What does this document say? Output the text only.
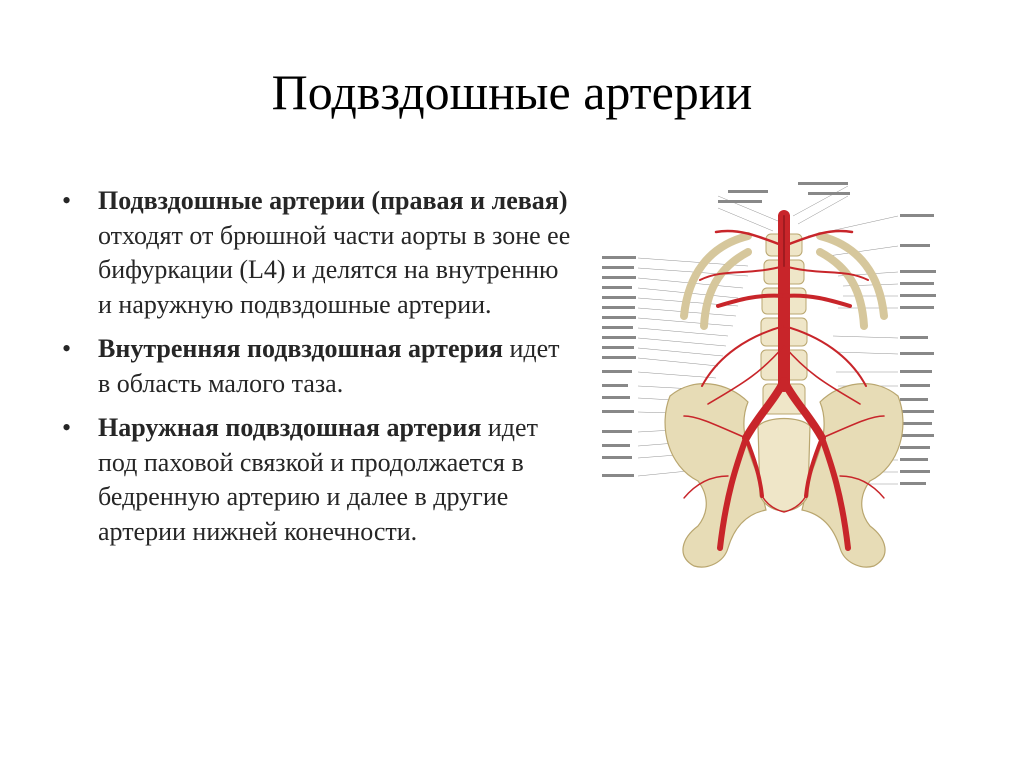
Подвздошные артерии
•	Подвздошные артерии (правая и левая) отходят от брюшной части аорты в зоне ее бифуркации (L4) и делятся на внутренню и наружную подвздошные артерии.
•	Внутренняя подвздошная артерия идет в область малого таза.
•	Наружная подвздошная артерия идет под паховой связкой и продолжается в бедренную артерию и далее в другие артерии нижней конечности.
